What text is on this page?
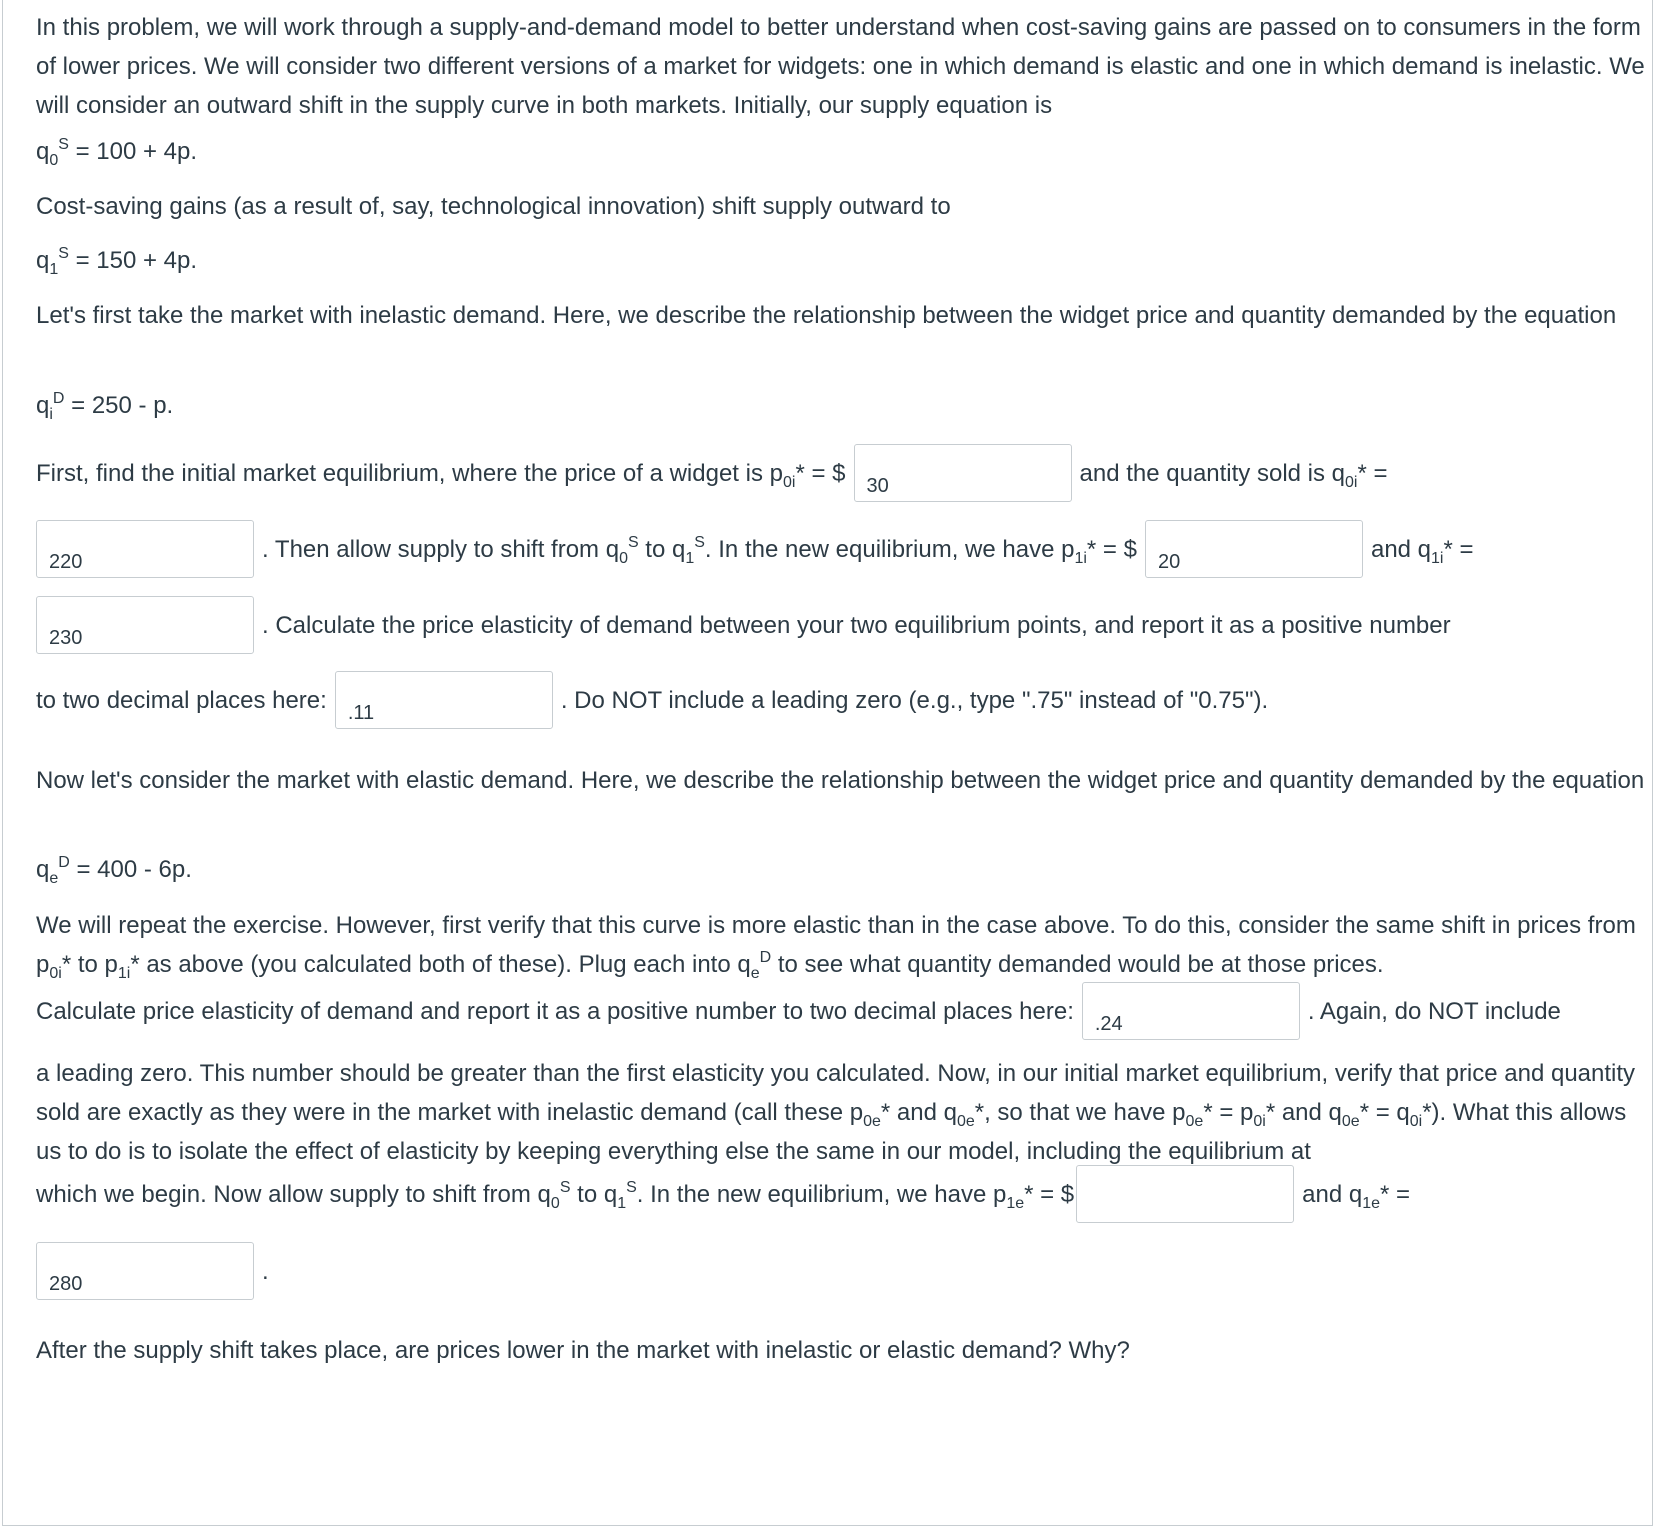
In this problem, we will work through a supply-and-demand model to better understand when cost-saving gains are passed on to consumers in the form of lower prices. We will consider two different versions of a market for widgets: one in which demand is elastic and one in which demand is inelastic. We will consider an outward shift in the supply curve in both markets. Initially, our supply equation is

$q_0^S = 100 + 4p$.

Cost-saving gains (as a result of, say, technological innovation) shift supply outward to

$q_1^S = 150 + 4p$.

Let's first take the market with inelastic demand. Here, we describe the relationship between the widget price and quantity demanded by the equation

$q_i^D = 250 - p$.

First, find the initial market equilibrium, where the price of a widget is $p_{0i}*$ = $ 30	and the quantity sold is $q_{0i}*$ =

220	. Then allow supply to shift from $q_0^S$ to $q_1^S$. In the new equilibrium, we have $p_{1i}*$ = $ 20	and $q_{1i}*$ =

230	. Calculate the price elasticity of demand between your two equilibrium points, and report it as a positive number

to two decimal places here: .11	. Do NOT include a leading zero (e.g., type ".75" instead of "0.75").

Now let's consider the market with elastic demand. Here, we describe the relationship between the widget price and quantity demanded by the equation

$q_e^D = 400 - 6p$.

We will repeat the exercise. However, first verify that this curve is more elastic than in the case above. To do this, consider the same shift in prices from $p_{0i}*$ to $p_{1i}*$ as above (you calculated both of these). Plug each into $q_e^D$ to see what quantity demanded would be at those prices.

Calculate price elasticity of demand and report it as a positive number to two decimal places here: .24	. Again, do NOT include

a leading zero. This number should be greater than the first elasticity you calculated. Now, in our initial market equilibrium, verify that price and quantity sold are exactly as they were in the market with inelastic demand (call these $p_{0e}*$ and $q_{0e}*$, so that we have $p_{0e}* = p_{0i}*$ and $q_{0e}* = q_{0i}*$). What this allows us to do is to isolate the effect of elasticity by keeping everything else the same in our model, including the equilibrium at

which we begin. Now allow supply to shift from $q_0^S$ to $q_1^S$. In the new equilibrium, we have $p_{1e}*$ = $	and $q_{1e}*$ =

280	.

After the supply shift takes place, are prices lower in the market with inelastic or elastic demand? Why?
